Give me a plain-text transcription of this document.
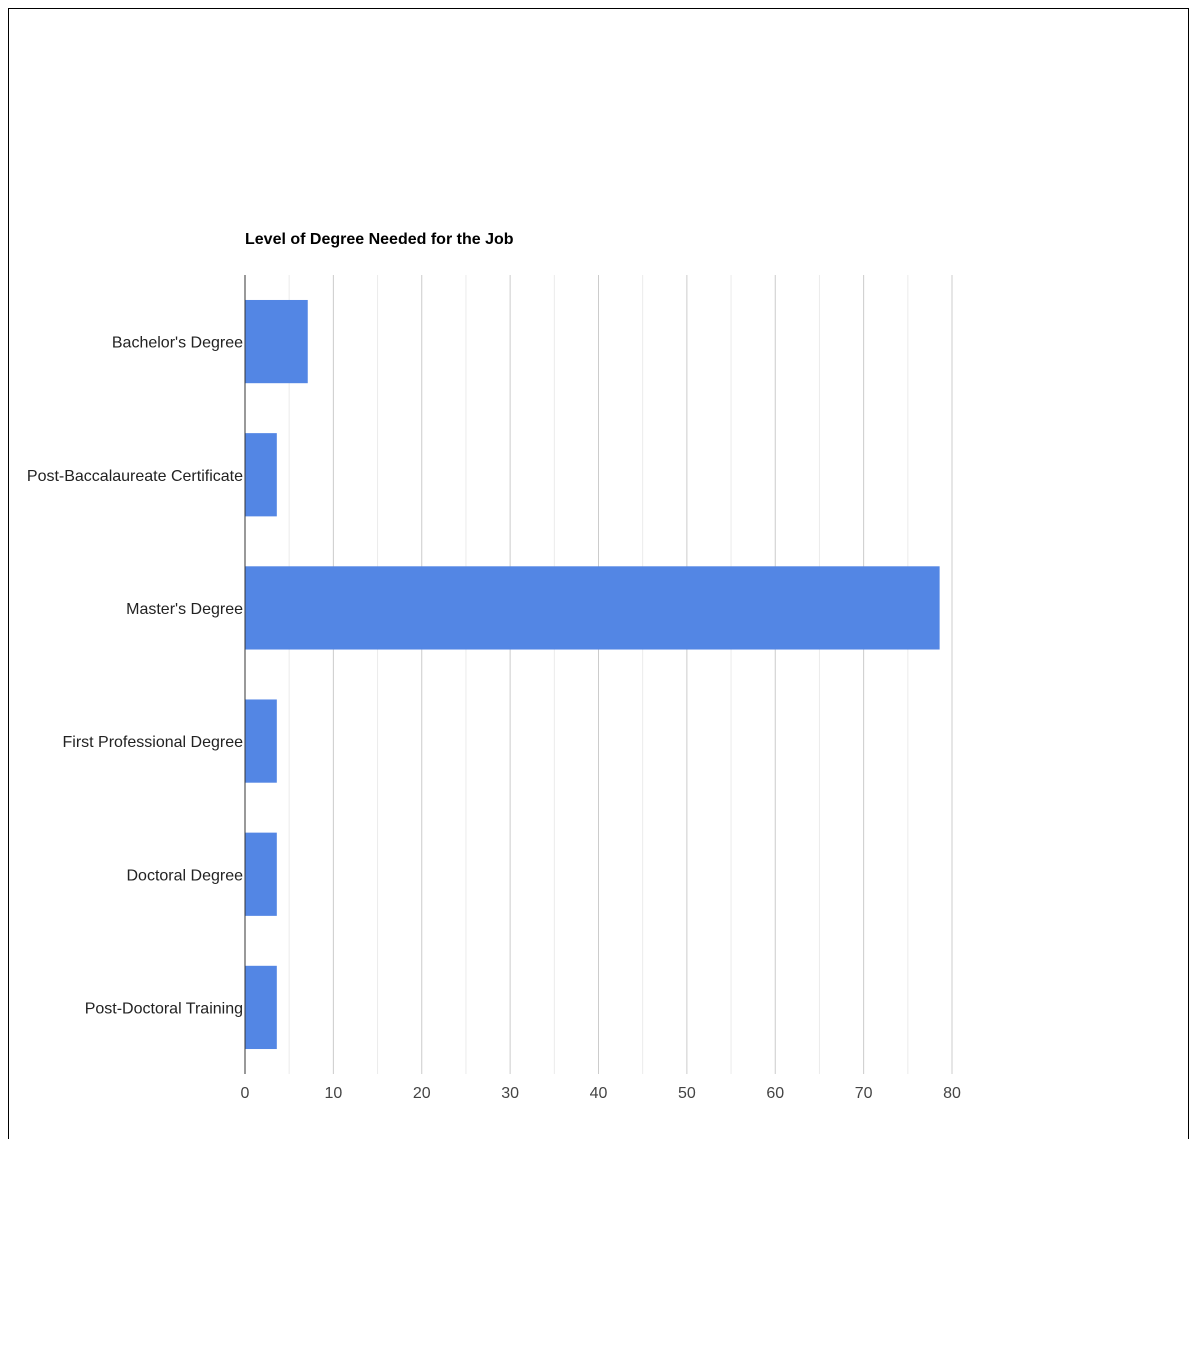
Level of Degree Needed for the Job
Bachelor's Degree
Post-Baccalaureate Certificate
Master's Degree
First Professional Degree
Doctoral Degree
Post-Doctoral Training
0	10	20	30	40	50	60	70	80
